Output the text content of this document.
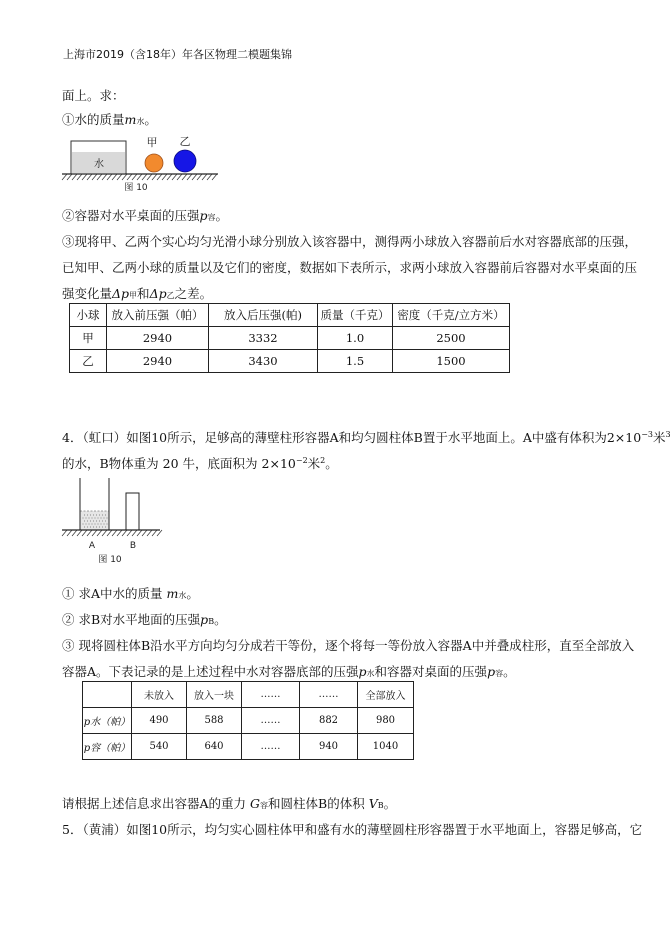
上海市2019（含18年）年各区物理二模题集锦
面上。求：
①水的质量m水。
水
甲 乙
图 10
②容器对水平桌面的压强p容。
③现将甲、乙两个实心均匀光滑小球分别放入该容器中，测得两小球放入容器前后水对容器底部的压强，
已知甲、乙两小球的质量以及它们的密度，数据如下表所示，求两小球放入容器前后容器对水平桌面的压
强变化量Δp甲和Δp乙之差。
小球	放入前压强（帕）	放入后压强(帕)	质量（千克）	密度（千克/立方米）
甲	2940	3332	1.0	2500
乙	2940	3430	1.5	1500
4．（虹口）如图10所示，足够高的薄壁柱形容器A和均匀圆柱体B置于水平地面上。A中盛有体积为$2\times 10^{-3}$米$^3$
的水，B物体重为 20 牛，底面积为 $2\times 10^{-2}$米$^2$。
A	B
图 10
① 求A中水的质量 m水。
② 求B对水平地面的压强pB。
③ 现将圆柱体B沿水平方向均匀分成若干等份，逐个将每一等份放入容器A中并叠成柱形，直至全部放入
容器A。下表记录的是上述过程中水对容器底部的压强p水和容器对桌面的压强p容。
	未放入	放入一块	……	……	全部放入
p水（帕）	490	588	……	882	980
p容（帕）	540	640	……	940	1040
请根据上述信息求出容器A的重力 G容和圆柱体B的体积 VB。
5．（黄浦）如图10所示，均匀实心圆柱体甲和盛有水的薄壁圆柱形容器置于水平地面上，容器足够高，它
